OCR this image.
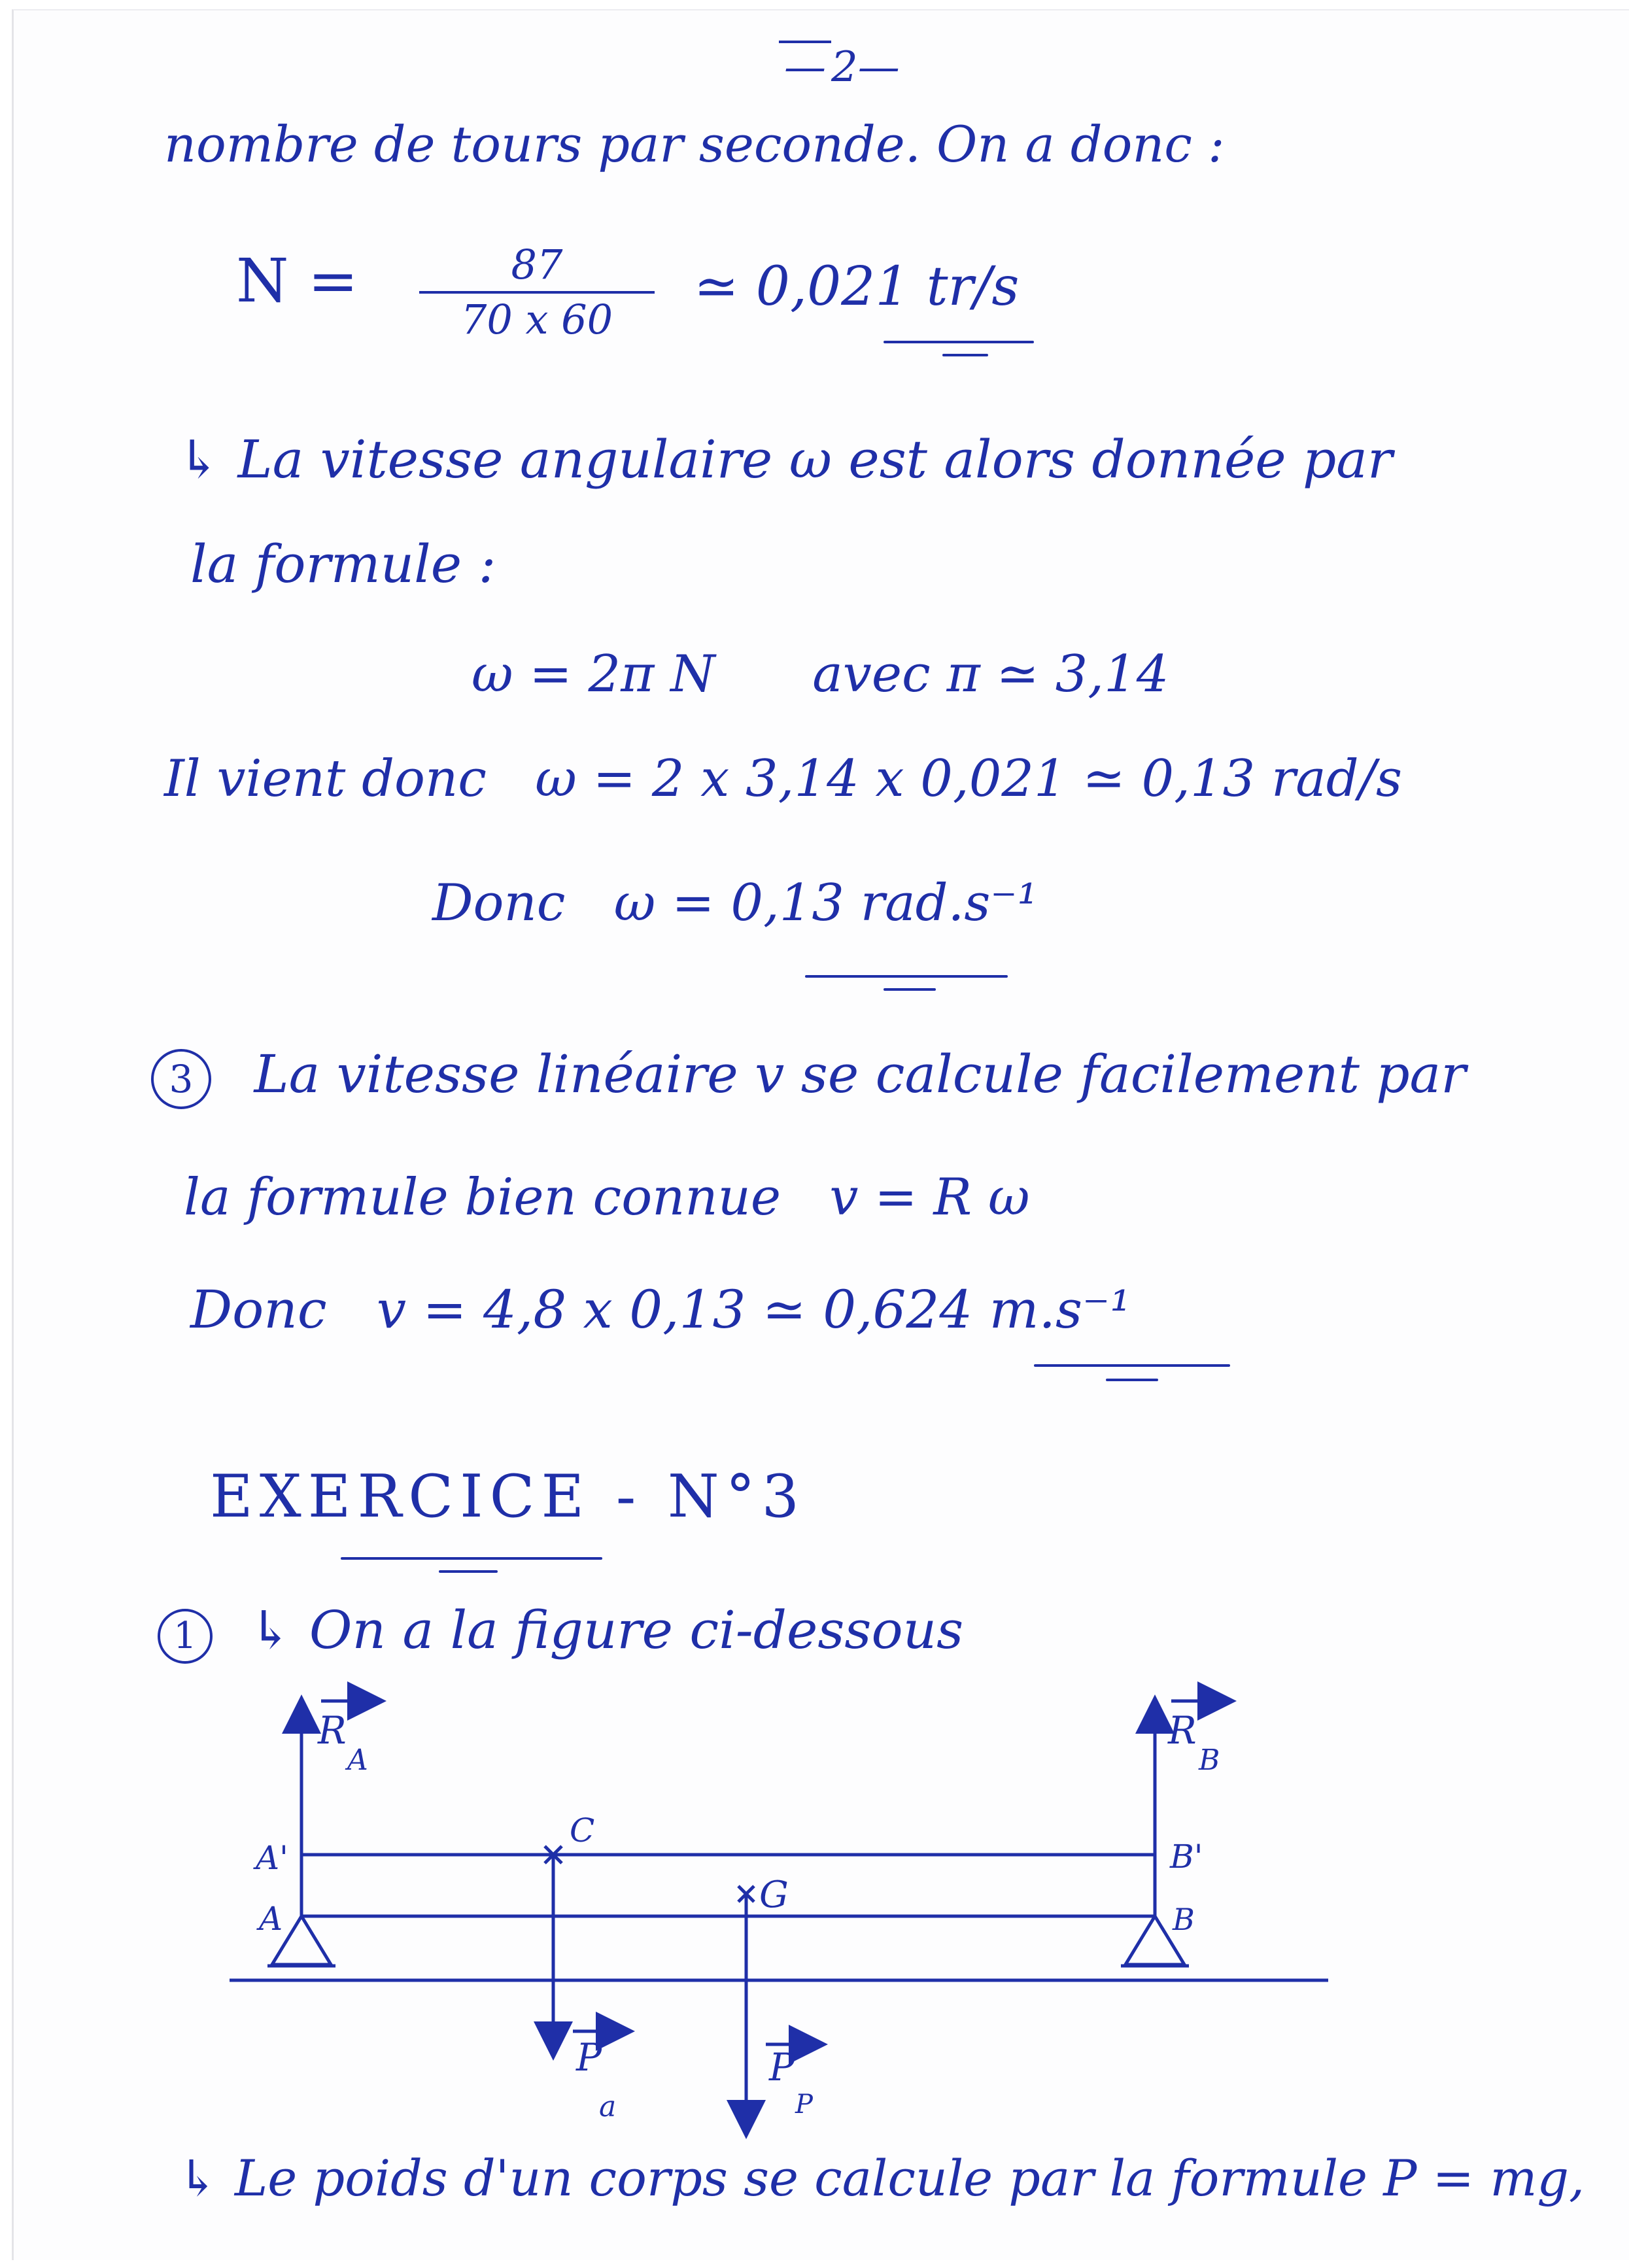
— 2—
nombre de tours par seconde. On a donc :
N =	87
70 x 60
≃ 0,021 tr/s
↳ La vitesse angulaire ω est alors donnée par
la formule :
ω = 2π N      avec π ≃ 3,14
Il vient donc   ω = 2 x 3,14 x 0,021 ≃ 0,13 rad/s
Donc   ω = 0,13 rad.s⁻¹
3 La vitesse linéaire v se calcule facilement par
la formule bien connue   v = R ω
Donc   v = 4,8 x 0,13 ≃ 0,624 m.s⁻¹
EXERCICE - N°3
1 ↳ On a la figure ci-dessous
R
A
R
B
A'
A
B'
B
C
G
P
a
P
P
↳ Le poids d'un corps se calcule par la formule P = mg,
